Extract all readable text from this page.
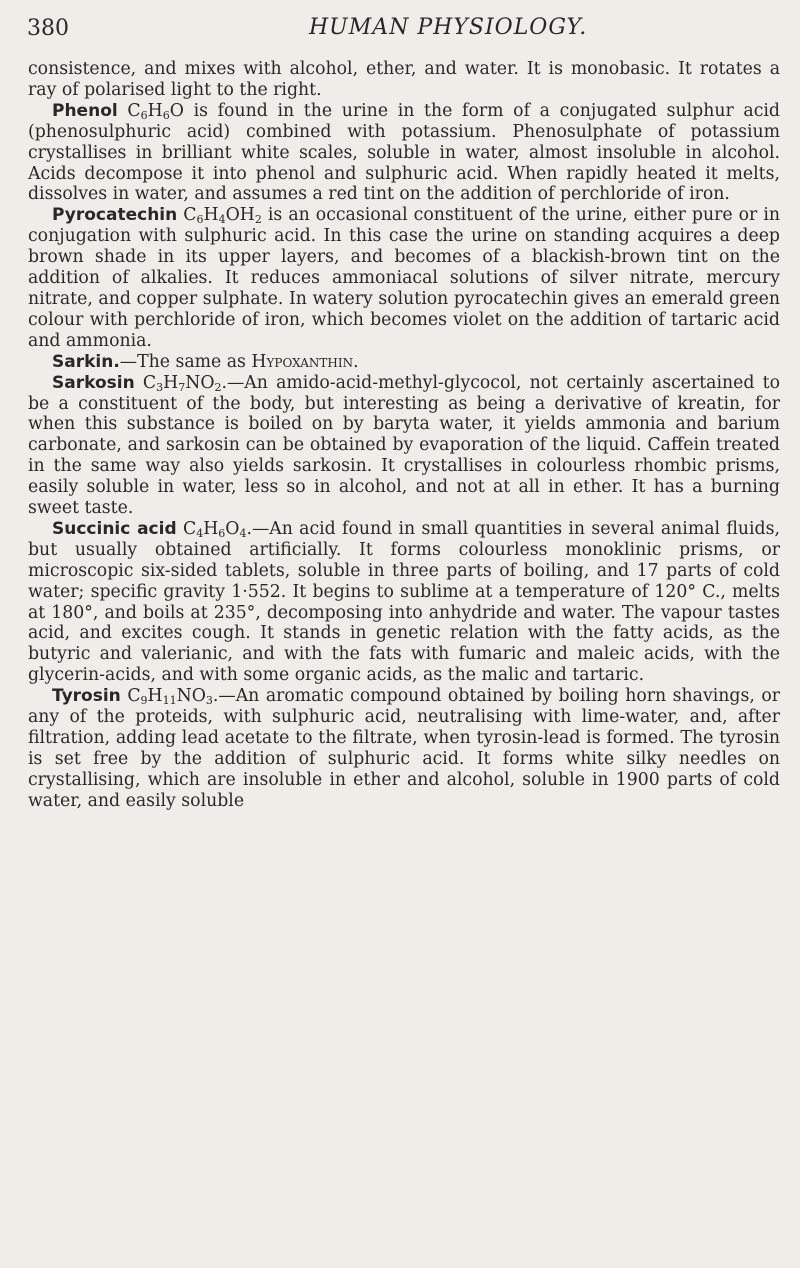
380	HUMAN PHYSIOLOGY.

consistence, and mixes with alcohol, ether, and water. It is monobasic. It rotates a ray of polarised light to the right.

Phenol $C_6H_6O$ is found in the urine in the form of a conjugated sulphur acid (phenosulphuric acid) combined with potassium. Phenosulphate of potassium crystallises in brilliant white scales, soluble in water, almost insoluble in alcohol. Acids decompose it into phenol and sulphuric acid. When rapidly heated it melts, dissolves in water, and assumes a red tint on the addition of perchloride of iron.

Pyrocatechin $C_6H_4OH_2$ is an occasional constituent of the urine, either pure or in conjugation with sulphuric acid. In this case the urine on standing acquires a deep brown shade in its upper layers, and becomes of a blackish-brown tint on the addition of alkalies. It reduces ammoniacal solutions of silver nitrate, mercury nitrate, and copper sulphate. In watery solution pyrocatechin gives an emerald green colour with perchloride of iron, which becomes violet on the addition of tartaric acid and ammonia.

Sarkin.—The same as Hypoxanthin.

Sarkosin $C_3H_7NO_2.—An$ amido-acid-methyl-glycocol, not certainly ascertained to be a constituent of the body, but interesting as being a derivative of kreatin, for when this substance is boiled on by baryta water, it yields ammonia and barium carbonate, and sarkosin can be obtained by evaporation of the liquid. Caffein treated in the same way also yields sarkosin. It crystallises in colourless rhombic prisms, easily soluble in water, less so in alcohol, and not at all in ether. It has a burning sweet taste.

Succinic acid $C_4H_6O_4.—An$ acid found in small quantities in several animal fluids, but usually obtained artificially. It forms colourless monoklinic prisms, or microscopic six-sided tablets, soluble in three parts of boiling, and 17 parts of cold water; specific gravity 1·552. It begins to sublime at a temperature of 120° C., melts at 180°, and boils at 235°, decomposing into anhydride and water. The vapour tastes acid, and excites cough. It stands in genetic relation with the fatty acids, as the butyric and valerianic, and with the fats with fumaric and maleic acids, with the glycerin-acids, and with some organic acids, as the malic and tartaric.

Tyrosin $C_9H_{11}NO_3.—An$ aromatic compound obtained by boiling horn shavings, or any of the proteids, with sulphuric acid, neutralising with lime-water, and, after filtration, adding lead acetate to the filtrate, when tyrosin-lead is formed. The tyrosin is set free by the addition of sulphuric acid. It forms white silky needles on crystallising, which are insoluble in ether and alcohol, soluble in 1900 parts of cold water, and easily soluble
